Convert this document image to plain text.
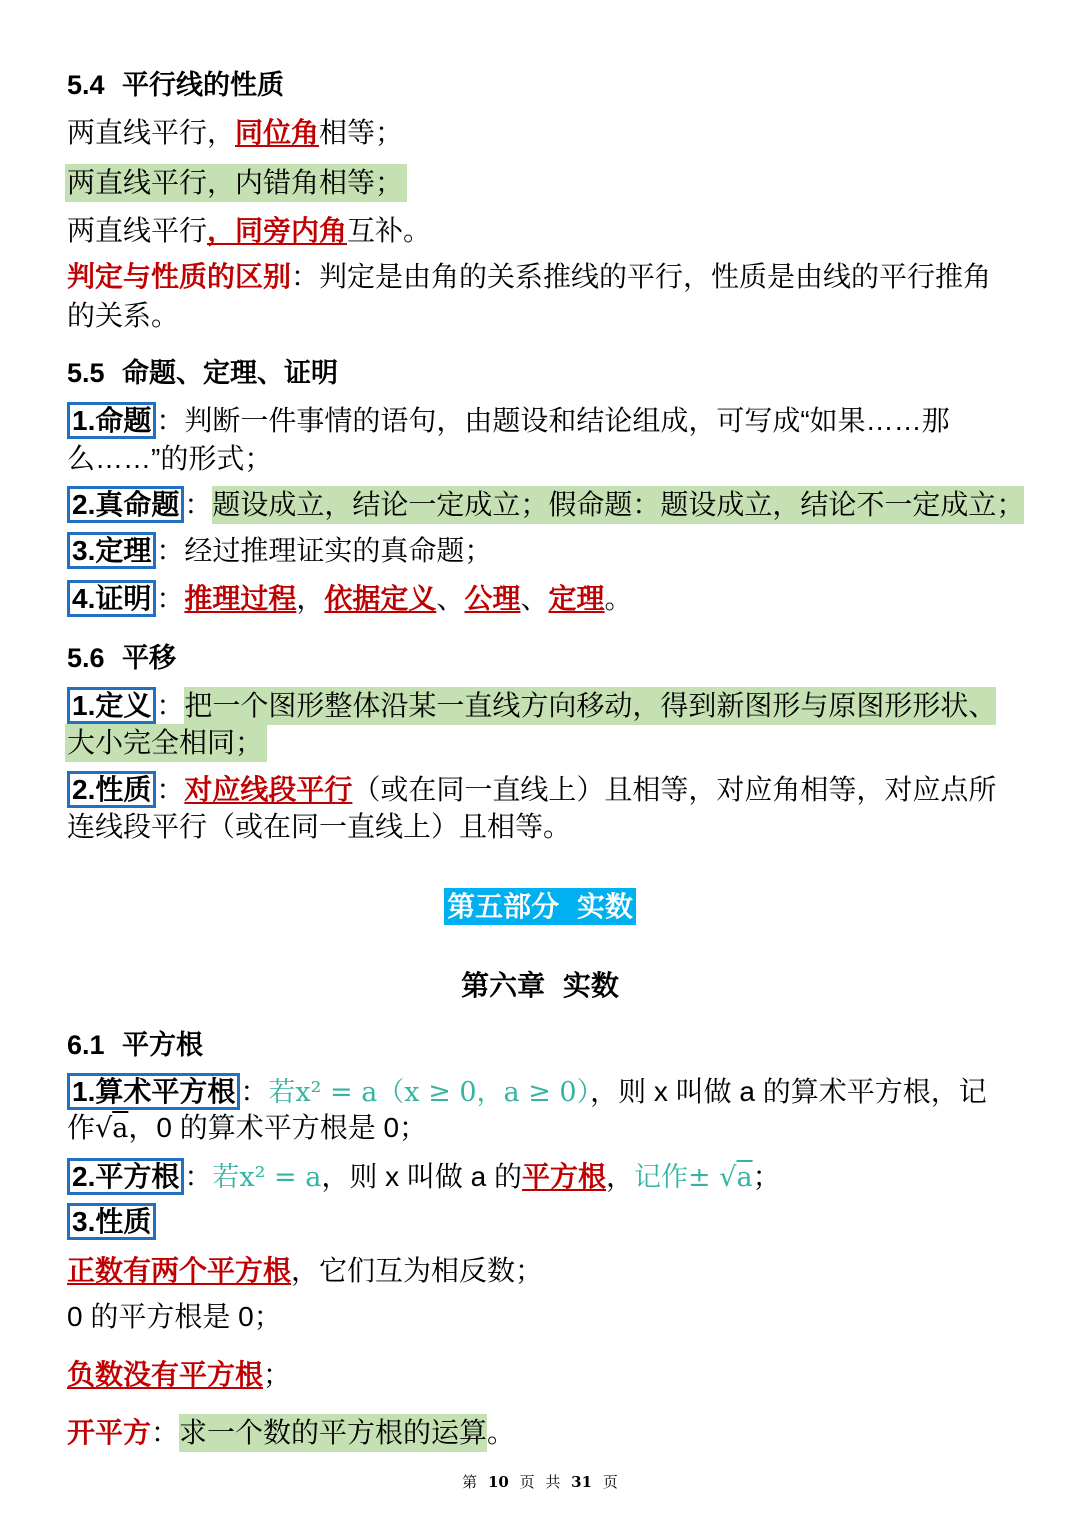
5.4 平行线的性质
两直线平行，同位角相等；
两直线平行，内错角相等；
两直线平行，同旁内角互补。
判定与性质的区别：判定是由角的关系推线的平行，性质是由线的平行推角
的关系。
5.5 命题、定理、证明
1.命题 ：判断一件事情的语句，由题设和结论组成，可写成“如果……那
么……”的形式；
2.真命题 ：题设成立，结论一定成立；假命题：题设成立，结论不一定成立；
3.定理 ：经过推理证实的真命题；
4.证明 ：推理过程，依据定义、公理、定理。
5.6 平移
1.定义 ：把一个图形整体沿某一直线方向移动，得到新图形与原图形形状、
大小完全相同；
2.性质 ：对应线段平行（或在同一直线上）且相等，对应角相等，对应点所
连线段平行（或在同一直线上）且相等。
第五部分 实数
第六章 实数
6.1 平方根
1.算术平方根 ：若x² = a（x ≥ 0，a ≥ 0），则 x 叫做 a 的算术平方根，记
作√a，0 的算术平方根是 0；
2.平方根 ：若x² = a，则 x 叫做 a 的平方根，记作± √a；
3.性质
正数有两个平方根，它们互为相反数；
0 的平方根是 0；
负数没有平方根；
开平方：求一个数的平方根的运算。
第 10 页 共 31 页
